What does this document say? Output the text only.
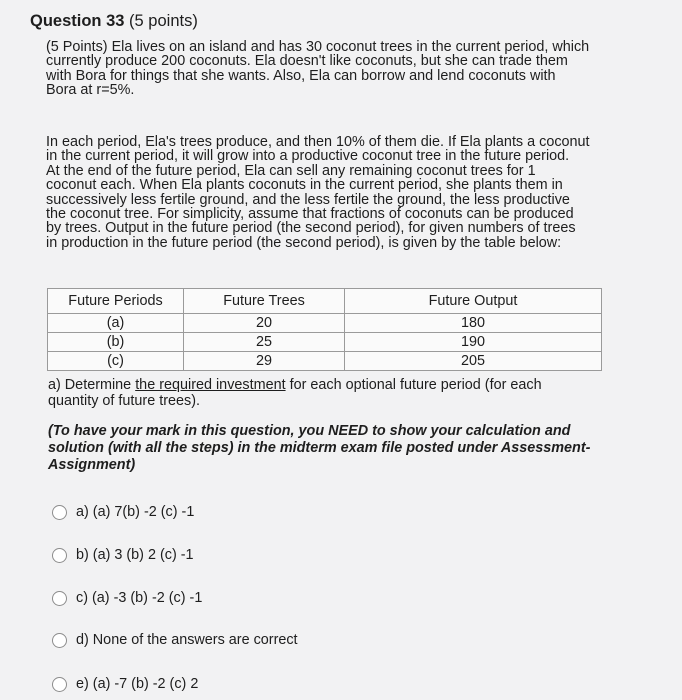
Question 33 (5 points)
(5 Points) Ela lives on an island and has 30 coconut trees in the current period, which
currently produce 200 coconuts. Ela doesn't like coconuts, but she can trade them
with Bora for things that she wants. Also, Ela can borrow and lend coconuts with
Bora at r=5%.
In each period, Ela's trees produce, and then 10% of them die. If Ela plants a coconut
in the current period, it will grow into a productive coconut tree in the future period.
At the end of the future period, Ela can sell any remaining coconut trees for 1
coconut each. When Ela plants coconuts in the current period, she plants them in
successively less fertile ground, and the less fertile the ground, the less productive
the coconut tree. For simplicity, assume that fractions of coconuts can be produced
by trees. Output in the future period (the second period), for given numbers of trees
in production in the future period (the second period), is given by the table below:
Future Periods	Future Trees	Future Output
(a)	20	180
(b)	25	190
(c)	29	205
a) Determine the required investment for each optional future period (for each
quantity of future trees).
(To have your mark in this question, you NEED to show your calculation and
solution (with all the steps) in the midterm exam file posted under Assessment-
Assignment)
a) (a) 7(b) -2 (c) -1
b) (a) 3 (b) 2 (c) -1
c) (a) -3 (b) -2 (c) -1
d) None of the answers are correct
e) (a) -7 (b) -2 (c) 2
